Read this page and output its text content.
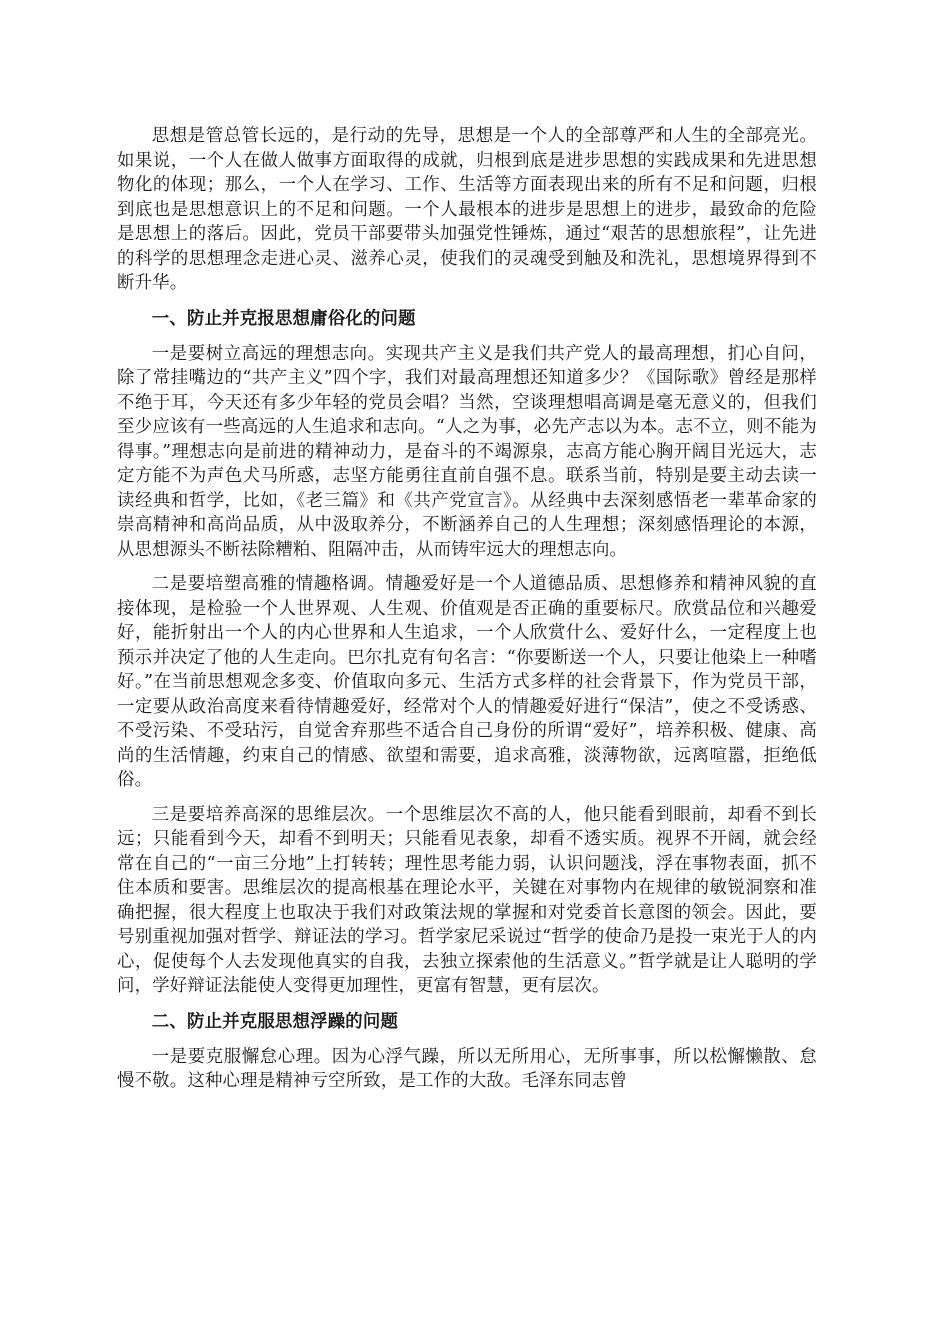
思想是管总管长远的，是行动的先导，思想是一个人的全部尊严和人生的全部亮光。如果说，一个人在做人做事方面取得的成就，归根到底是进步思想的实践成果和先进思想物化的体现；那么，一个人在学习、工作、生活等方面表现出来的所有不足和问题，归根到底也是思想意识上的不足和问题。一个人最根本的进步是思想上的进步，最致命的危险是思想上的落后。因此，党员干部要带头加强党性锤炼，通过“艰苦的思想旅程”，让先进的科学的思想理念走进心灵、滋养心灵，使我们的灵魂受到触及和洗礼，思想境界得到不断升华。

一、防止并克报思想庸俗化的问题

一是要树立高远的理想志向。实现共产主义是我们共产党人的最高理想，扪心自问，除了常挂嘴边的“共产主义”四个字，我们对最高理想还知道多少？《国际歌》曾经是那样不绝于耳，今天还有多少年轻的党员会唱？当然，空谈理想唱高调是毫无意义的，但我们至少应该有一些高远的人生追求和志向。“人之为事，必先产志以为本。志不立，则不能为得事。”理想志向是前进的精神动力，是奋斗的不竭源泉，志高方能心胸开阔目光远大，志定方能不为声色犬马所惑，志坚方能勇往直前自强不息。联系当前，特别是要主动去读一读经典和哲学，比如，《老三篇》和《共产党宣言》。从经典中去深刻感悟老一辈革命家的崇高精神和高尚品质，从中汲取养分，不断涵养自己的人生理想；深刻感悟理论的本源，从思想源头不断祛除糟粕、阻隔冲击，从而铸牢远大的理想志向。

二是要培塑高雅的情趣格调。情趣爱好是一个人道德品质、思想修养和精神风貌的直接体现，是检验一个人世界观、人生观、价值观是否正确的重要标尺。欣赏品位和兴趣爱好，能折射出一个人的内心世界和人生追求，一个人欣赏什么、爱好什么，一定程度上也预示并决定了他的人生走向。巴尔扎克有句名言：“你要断送一个人，只要让他染上一种嗜好。”在当前思想观念多变、价值取向多元、生活方式多样的社会背景下，作为党员干部，一定要从政治高度来看待情趣爱好，经常对个人的情趣爱好进行“保洁”，使之不受诱惑、不受污染、不受玷污，自觉舍弃那些不适合自己身份的所谓“爱好”，培养积极、健康、高尚的生活情趣，约束自己的情感、欲望和需要，追求高雅，淡薄物欲，远离喧嚣，拒绝低俗。

三是要培养高深的思维层次。一个思维层次不高的人，他只能看到眼前，却看不到长远；只能看到今天，却看不到明天；只能看见表象，却看不透实质。视界不开阔，就会经常在自己的“一亩三分地”上打转转；理性思考能力弱，认识问题浅，浮在事物表面，抓不住本质和要害。思维层次的提高根基在理论水平，关键在对事物内在规律的敏锐洞察和准确把握，很大程度上也取决于我们对政策法规的掌握和对党委首长意图的领会。因此，要号别重视加强对哲学、辩证法的学习。哲学家尼采说过“哲学的使命乃是投一束光于人的内心，促使每个人去发现他真实的自我，去独立探索他的生活意义。”哲学就是让人聪明的学问，学好辩证法能使人变得更加理性，更富有智慧，更有层次。

二、防止并克服思想浮躁的问题

一是要克服懈怠心理。因为心浮气躁，所以无所用心，无所事事，所以松懈懒散、怠慢不敬。这种心理是精神亏空所致，是工作的大敌。毛泽东同志曾
